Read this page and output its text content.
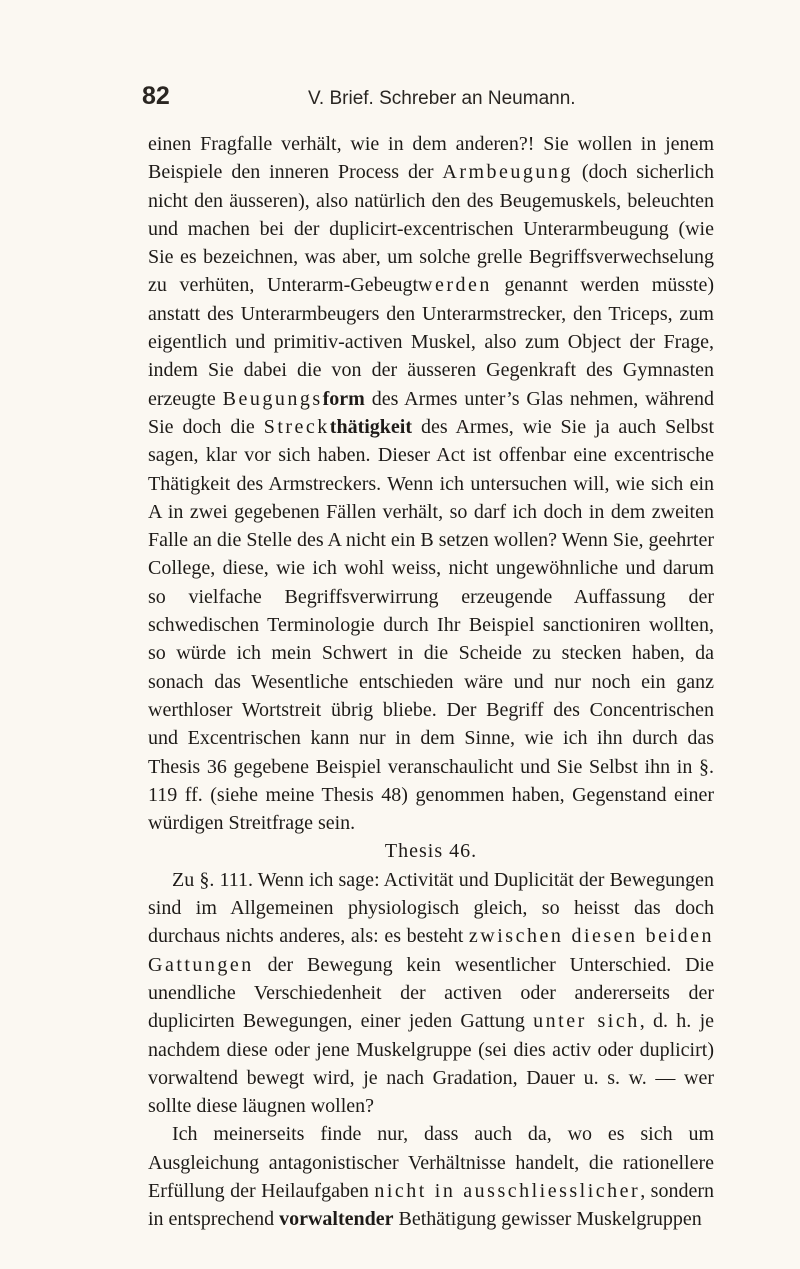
82	V. Brief. Schreber an Neumann.

einen Fragfalle verhält, wie in dem anderen?! Sie wollen in jenem Beispiele den inneren Process der Armbeugung (doch sicherlich nicht den äusseren), also natürlich den des Beugemuskels, beleuchten und machen bei der duplicirt-excentrischen Unterarmbeugung (wie Sie es bezeichnen, was aber, um solche grelle Begriffsverwechselung zu verhüten, Unterarm-Gebeugtwerden genannt werden müsste) anstatt des Unterarmbeugers den Unterarmstrecker, den Triceps, zum eigentlich und primitiv-activen Muskel, also zum Object der Frage, indem Sie dabei die von der äusseren Gegenkraft des Gymnasten erzeugte Beugungsform des Armes unter’s Glas nehmen, während Sie doch die Streckthätigkeit des Armes, wie Sie ja auch Selbst sagen, klar vor sich haben. Dieser Act ist offenbar eine excentrische Thätigkeit des Armstreckers. Wenn ich untersuchen will, wie sich ein A in zwei gegebenen Fällen verhält, so darf ich doch in dem zweiten Falle an die Stelle des A nicht ein B setzen wollen? Wenn Sie, geehrter College, diese, wie ich wohl weiss, nicht ungewöhnliche und darum so vielfache Begriffsverwirrung erzeugende Auffassung der schwedischen Terminologie durch Ihr Beispiel sanctioniren wollten, so würde ich mein Schwert in die Scheide zu stecken haben, da sonach das Wesentliche entschieden wäre und nur noch ein ganz werthloser Wortstreit übrig bliebe. Der Begriff des Concentrischen und Excentrischen kann nur in dem Sinne, wie ich ihn durch das Thesis 36 gegebene Beispiel veranschaulicht und Sie Selbst ihn in §. 119 ff. (siehe meine Thesis 48) genommen haben, Gegenstand einer würdigen Streitfrage sein.

Thesis 46.

Zu §. 111. Wenn ich sage: Activität und Duplicität der Bewegungen sind im Allgemeinen physiologisch gleich, so heisst das doch durchaus nichts anderes, als: es besteht zwischen diesen beiden Gattungen der Bewegung kein wesentlicher Unterschied. Die unendliche Verschiedenheit der activen oder andererseits der duplicirten Bewegungen, einer jeden Gattung unter sich, d. h. je nachdem diese oder jene Muskelgruppe (sei dies activ oder duplicirt) vorwaltend bewegt wird, je nach Gradation, Dauer u. s. w. — wer sollte diese läugnen wollen?

Ich meinerseits finde nur, dass auch da, wo es sich um Ausgleichung antagonistischer Verhältnisse handelt, die rationellere Erfüllung der Heilaufgaben nicht in ausschliesslicher, sondern in entsprechend vorwaltender Bethätigung gewisser Muskelgruppen
